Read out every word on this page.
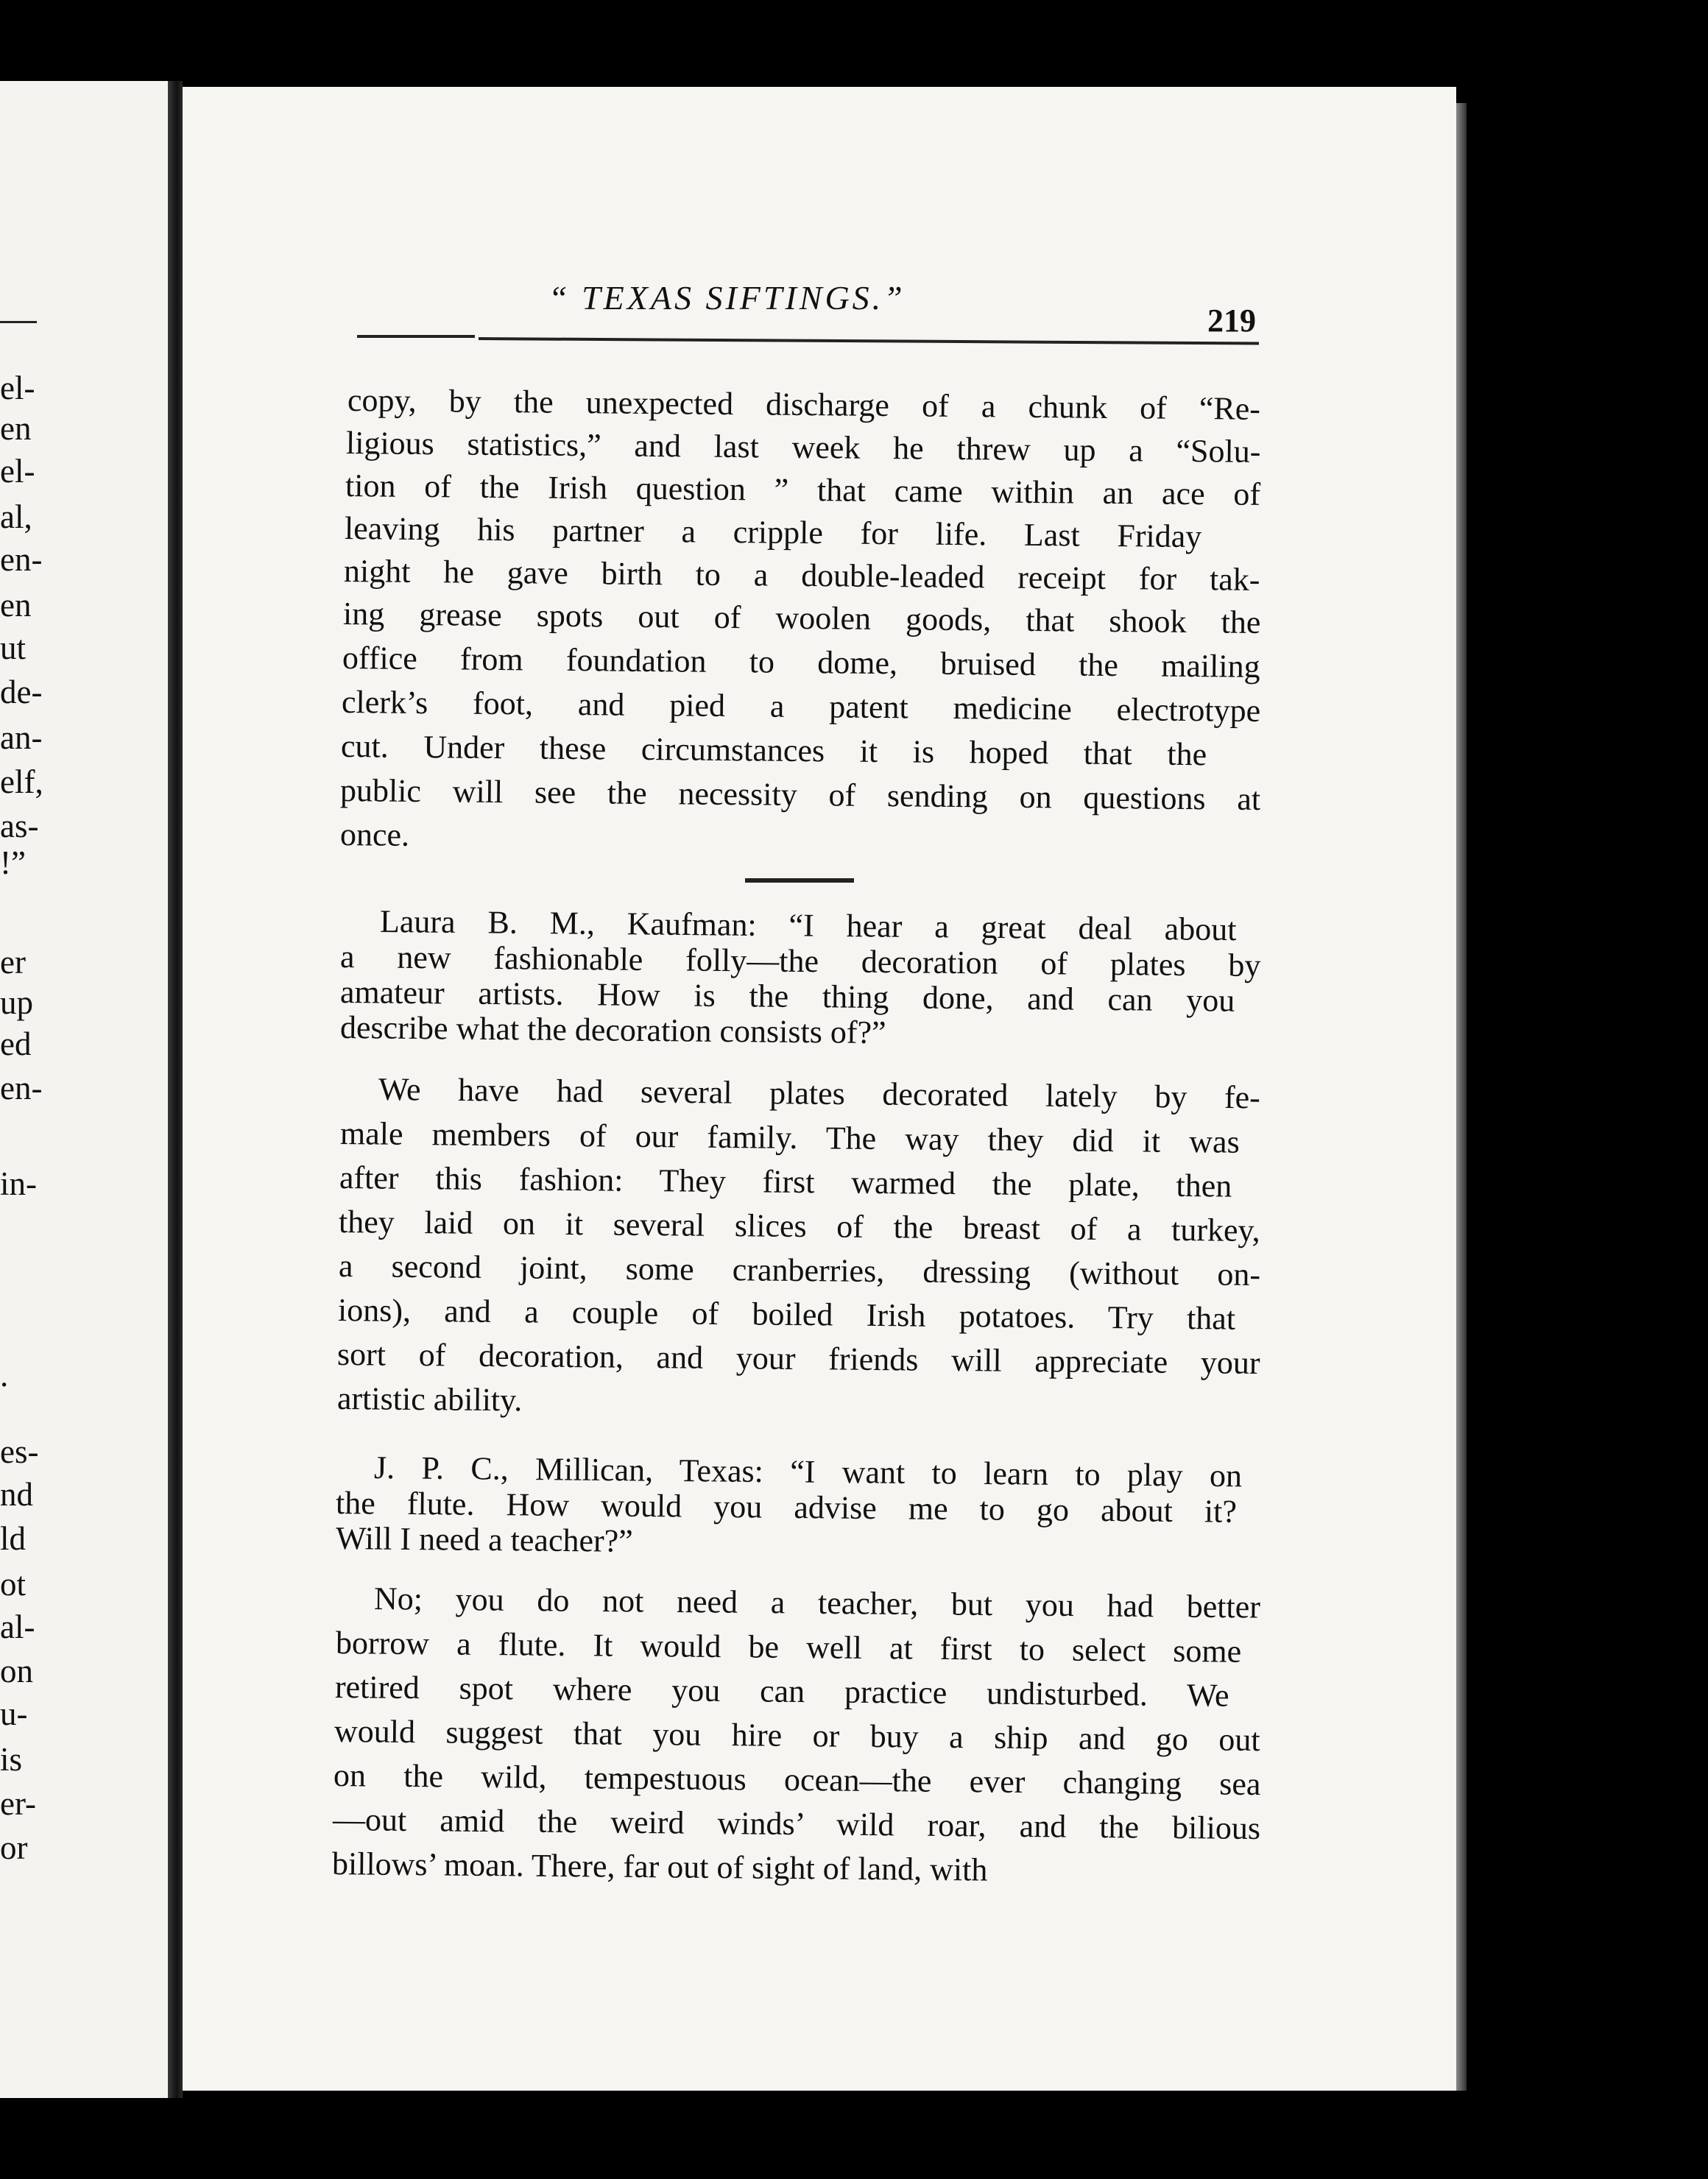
el-
en
el-
al,
en-
en
ut
de-
an-
elf,
as-
!”
er
up
ed
en-
in-
.
es-
nd
ld
ot
al-
on
u-
is
er-
or
“ TEXAS SIFTINGS.”
219
copy, by the unexpected discharge of a chunk of “Re-
ligious statistics,” and last week he threw up a “Solu-
tion of the Irish question ” that came within an ace of
leaving his partner a cripple for life. Last Friday
night he gave birth to a double-leaded receipt for tak-
ing grease spots out of woolen goods, that shook the
office from foundation to dome, bruised the mailing
clerk’s foot, and pied a patent medicine electrotype
cut. Under these circumstances it is hoped that the
public will see the necessity of sending on questions at
once.
Laura B. M., Kaufman: “I hear a great deal about
a new fashionable folly—the decoration of plates by
amateur artists. How is the thing done, and can you
describe what the decoration consists of?”
We have had several plates decorated lately by fe-
male members of our family. The way they did it was
after this fashion: They first warmed the plate, then
they laid on it several slices of the breast of a turkey,
a second joint, some cranberries, dressing (without on-
ions), and a couple of boiled Irish potatoes. Try that
sort of decoration, and your friends will appreciate your
artistic ability.
J. P. C., Millican, Texas: “I want to learn to play on
the flute. How would you advise me to go about it?
Will I need a teacher?”
No; you do not need a teacher, but you had better
borrow a flute. It would be well at first to select some
retired spot where you can practice undisturbed. We
would suggest that you hire or buy a ship and go out
on the wild, tempestuous ocean—the ever changing sea
—out amid the weird winds’ wild roar, and the bilious
billows’ moan. There, far out of sight of land, with
